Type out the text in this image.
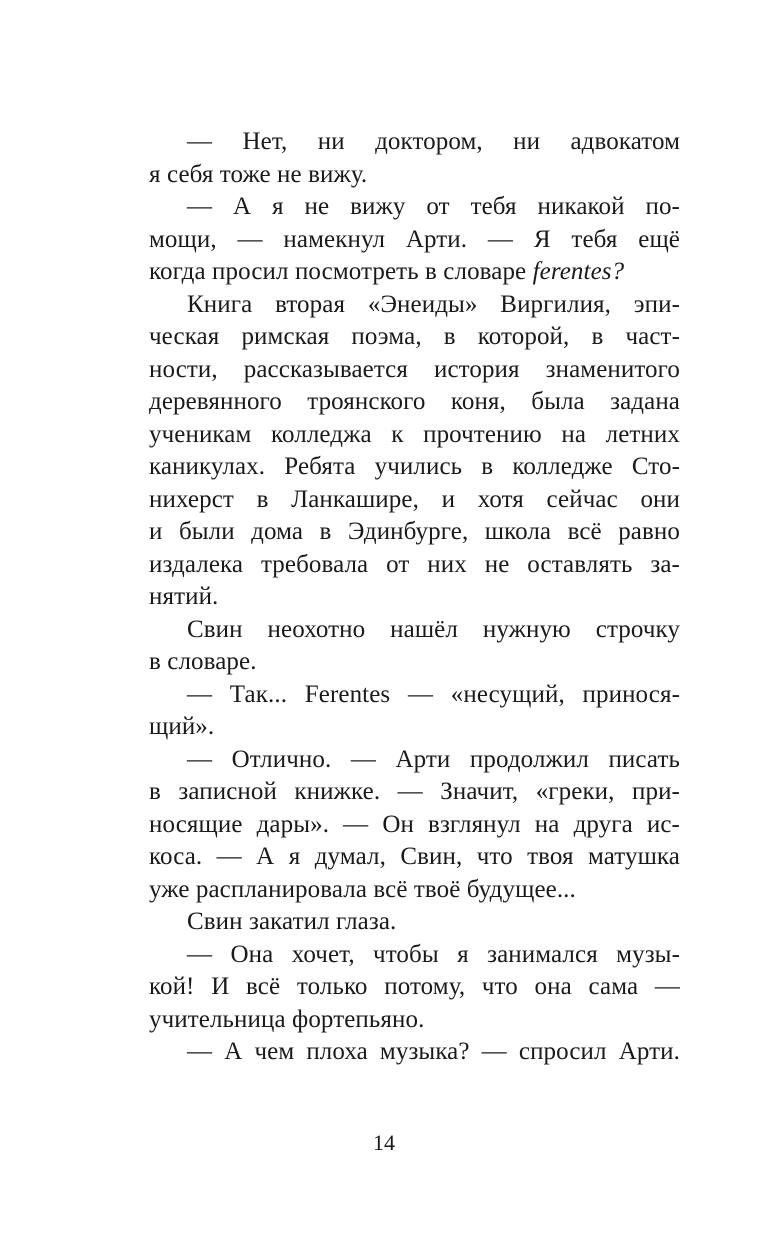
— Нет, ни доктором, ни адвокатом
я себя тоже не вижу.
— А я не вижу от тебя никакой по-
мощи, — намекнул Арти. — Я тебя ещё
когда просил посмотреть в словаре ferentes?
Книга вторая «Энеиды» Виргилия, эпи-
ческая римская поэма, в которой, в част-
ности, рассказывается история знаменитого
деревянного троянского коня, была задана
ученикам колледжа к прочтению на летних
каникулах. Ребята учились в колледже Сто-
нихерст в Ланкашире, и хотя сейчас они
и были дома в Эдинбурге, школа всё равно
издалека требовала от них не оставлять за-
нятий.
Свин неохотно нашёл нужную строчку
в словаре.
— Так... Ferentes — «несущий, принося-
щий».
— Отлично. — Арти продолжил писать
в записной книжке. — Значит, «греки, при-
носящие дары». — Он взглянул на друга ис-
коса. — А я думал, Свин, что твоя матушка
уже распланировала всё твоё будущее...
Свин закатил глаза.
— Она хочет, чтобы я занимался музы-
кой! И всё только потому, что она сама —
учительница фортепьяно.
— А чем плоха музыка? — спросил Арти.
14
